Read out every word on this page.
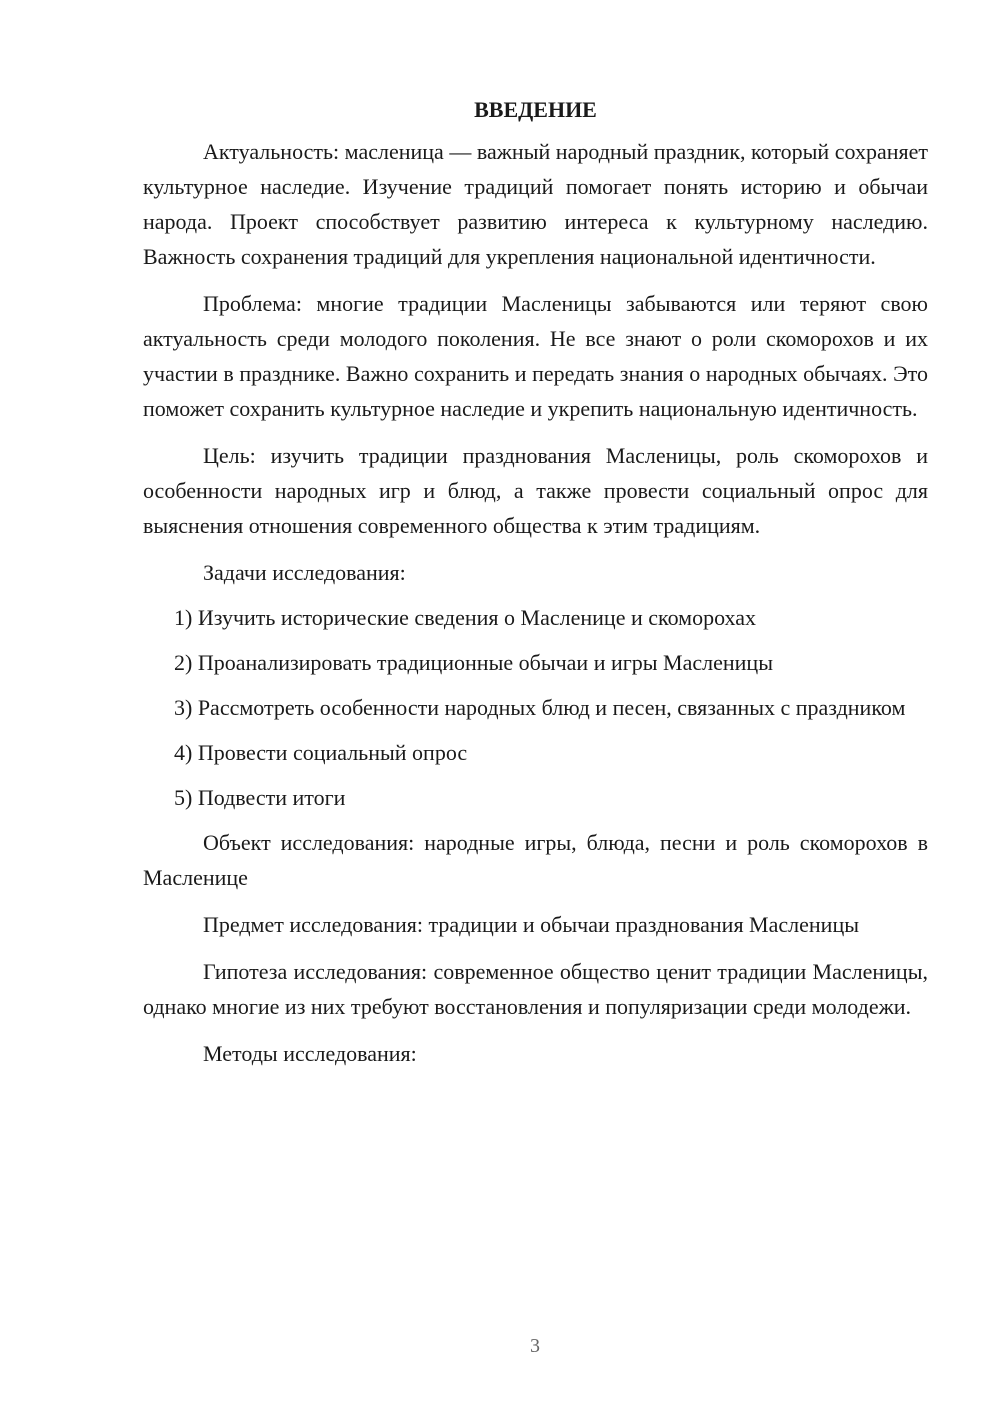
ВВЕДЕНИЕ

Актуальность: масленица — важный народный праздник, который сохраняет культурное наследие. Изучение традиций помогает понять историю и обычаи народа. Проект способствует развитию интереса к культурному наследию. Важность сохранения традиций для укрепления национальной идентичности.

Проблема: многие традиции Масленицы забываются или теряют свою актуальность среди молодого поколения. Не все знают о роли скоморохов и их участии в празднике. Важно сохранить и передать знания о народных обычаях. Это поможет сохранить культурное наследие и укрепить национальную идентичность.

Цель: изучить традиции празднования Масленицы, роль скоморохов и особенности народных игр и блюд, а также провести социальный опрос для выяснения отношения современного общества к этим традициям.

Задачи исследования:

1) Изучить исторические сведения о Масленице и скоморохах

2) Проанализировать традиционные обычаи и игры Масленицы

3) Рассмотреть особенности народных блюд и песен, связанных с праздником

4) Провести социальный опрос

5) Подвести итоги

Объект исследования: народные игры, блюда, песни и роль скоморохов в Масленице

Предмет исследования: традиции и обычаи празднования Масленицы

Гипотеза исследования: современное общество ценит традиции Масленицы, однако многие из них требуют восстановления и популяризации среди молодежи.

Методы исследования:

3
